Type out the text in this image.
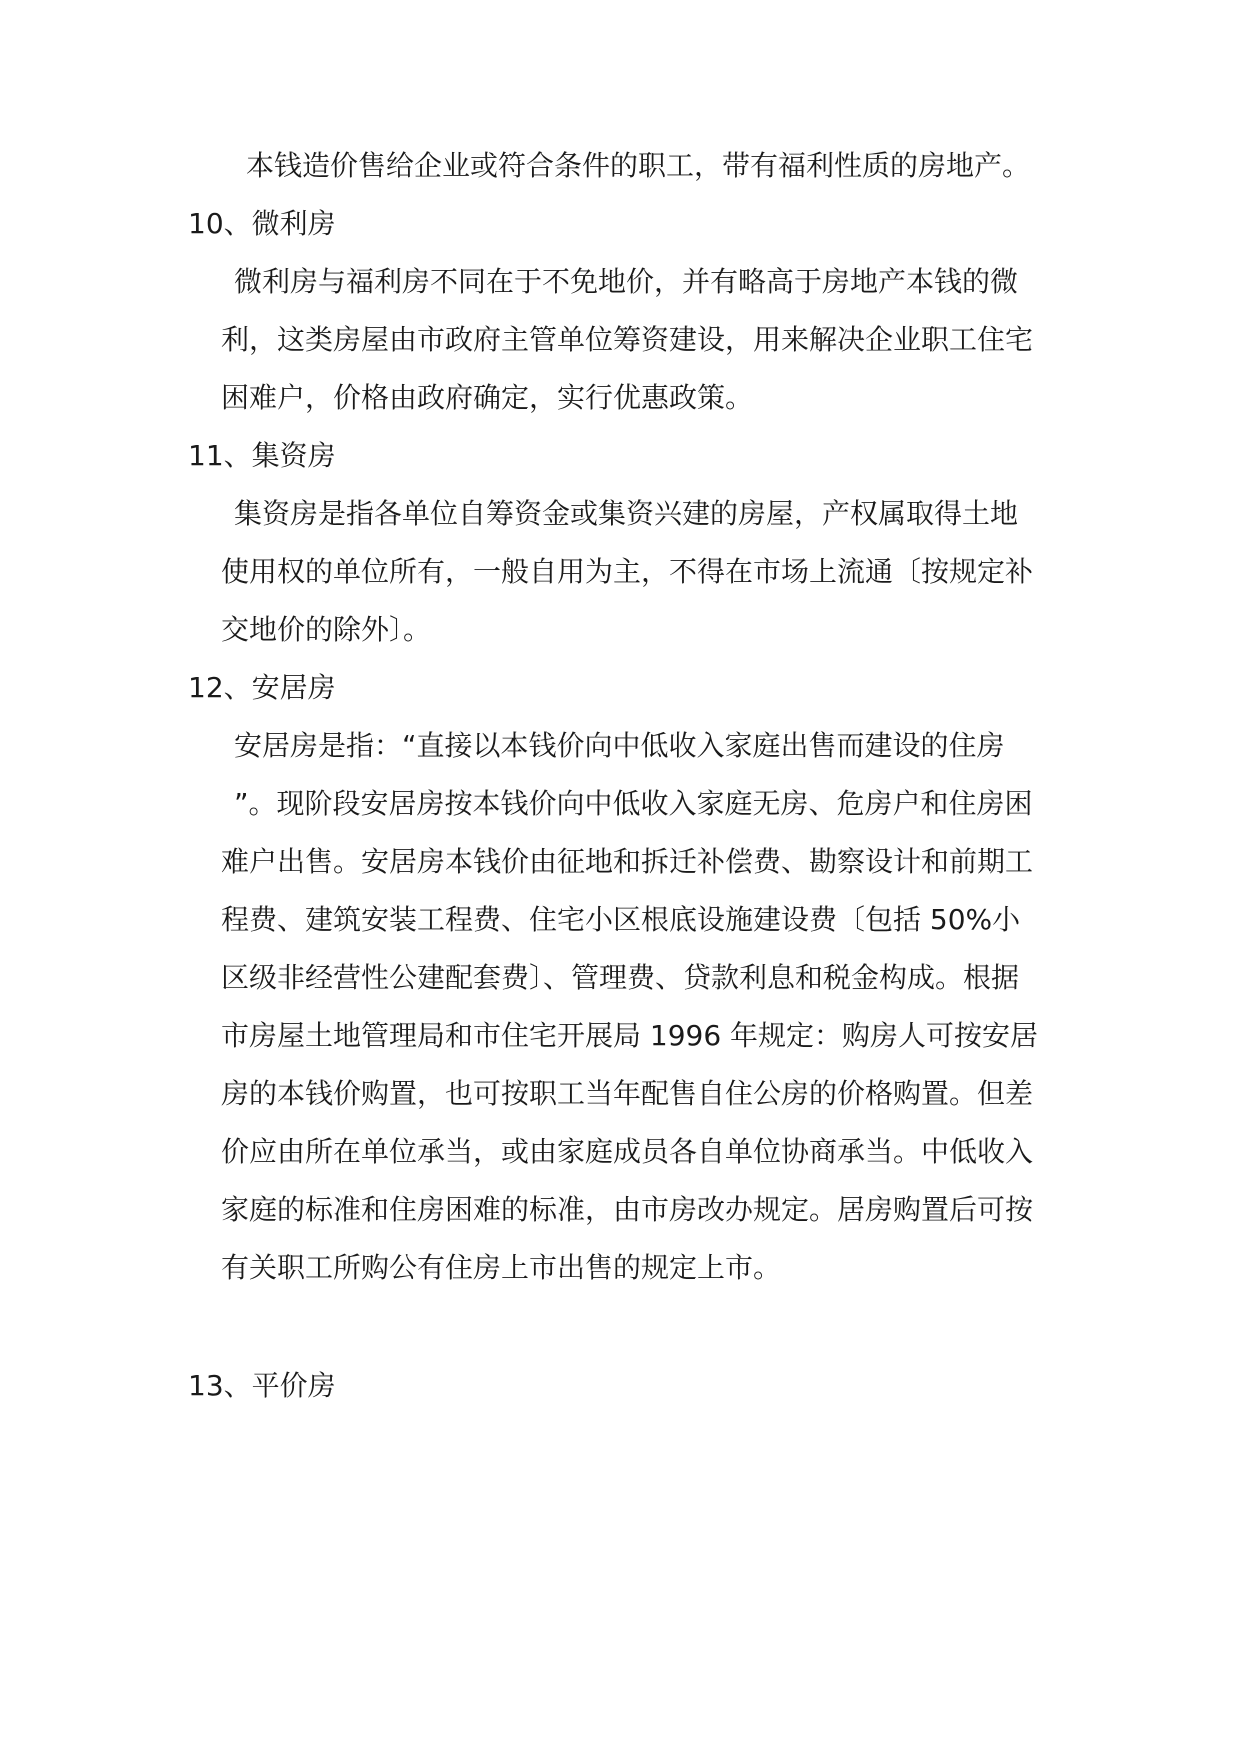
本钱造价售给企业或符合条件的职工，带有福利性质的房地产。
10、微利房
微利房与福利房不同在于不免地价，并有略高于房地产本钱的微
利，这类房屋由市政府主管单位筹资建设，用来解决企业职工住宅
困难户，价格由政府确定，实行优惠政策。
11、集资房
集资房是指各单位自筹资金或集资兴建的房屋，产权属取得土地
使用权的单位所有，一般自用为主，不得在市场上流通〔按规定补
交地价的除外〕。
12、安居房
安居房是指：“直接以本钱价向中低收入家庭出售而建设的住房
”。现阶段安居房按本钱价向中低收入家庭无房、危房户和住房困
难户出售。安居房本钱价由征地和拆迁补偿费、勘察设计和前期工
程费、建筑安装工程费、住宅小区根底设施建设费〔包括 50%小
区级非经营性公建配套费〕、管理费、贷款利息和税金构成。根据
市房屋土地管理局和市住宅开展局 1996 年规定：购房人可按安居
房的本钱价购置，也可按职工当年配售自住公房的价格购置。但差
价应由所在单位承当，或由家庭成员各自单位协商承当。中低收入
家庭的标准和住房困难的标准，由市房改办规定。居房购置后可按
有关职工所购公有住房上市出售的规定上市。
13、平价房
